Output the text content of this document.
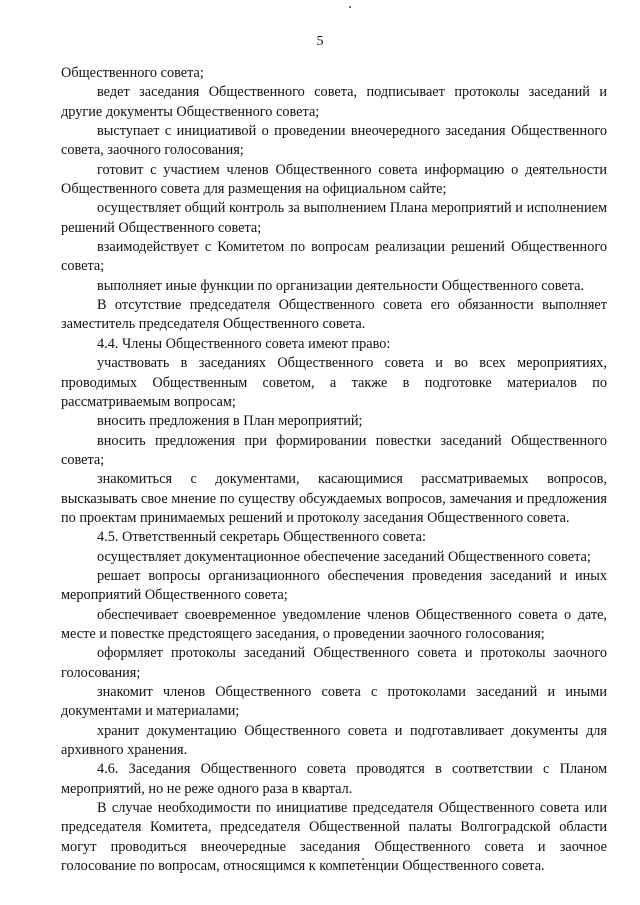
5

Общественного совета;

ведет заседания Общественного совета, подписывает протоколы заседаний и другие документы Общественного совета;

выступает с инициативой о проведении внеочередного заседания Общественного совета, заочного голосования;

готовит с участием членов Общественного совета информацию о деятельности Общественного совета для размещения на официальном сайте;

осуществляет общий контроль за выполнением Плана мероприятий и исполнением решений Общественного совета;

взаимодействует с Комитетом по вопросам реализации решений Общественного совета;

выполняет иные функции по организации деятельности Общественного совета.

В отсутствие председателя Общественного совета его обязанности выполняет заместитель председателя Общественного совета.

4.4. Члены Общественного совета имеют право:

участвовать в заседаниях Общественного совета и во всех мероприятиях, проводимых Общественным советом, а также в подготовке материалов по рассматриваемым вопросам;

вносить предложения в План мероприятий;

вносить предложения при формировании повестки заседаний Общественного совета;

знакомиться с документами, касающимися рассматриваемых вопросов, высказывать свое мнение по существу обсуждаемых вопросов, замечания и предложения по проектам принимаемых решений и протоколу заседания Общественного совета.

4.5. Ответственный секретарь Общественного совета:

осуществляет документационное обеспечение заседаний Общественного совета;

решает вопросы организационного обеспечения проведения заседаний и иных мероприятий Общественного совета;

обеспечивает своевременное уведомление членов Общественного совета о дате, месте и повестке предстоящего заседания, о проведении заочного голосования;

оформляет протоколы заседаний Общественного совета и протоколы заочного голосования;

знакомит членов Общественного совета с протоколами заседаний и иными документами и материалами;

хранит документацию Общественного совета и подготавливает документы для архивного хранения.

4.6. Заседания Общественного совета проводятся в соответствии с Планом мероприятий, но не реже одного раза в квартал.

В случае необходимости по инициативе председателя Общественного совета или председателя Комитета, председателя Общественной палаты Волгоградской области могут проводиться внеочередные заседания Общественного совета и заочное голосование по вопросам, относящимся к компетенции Общественного совета.
